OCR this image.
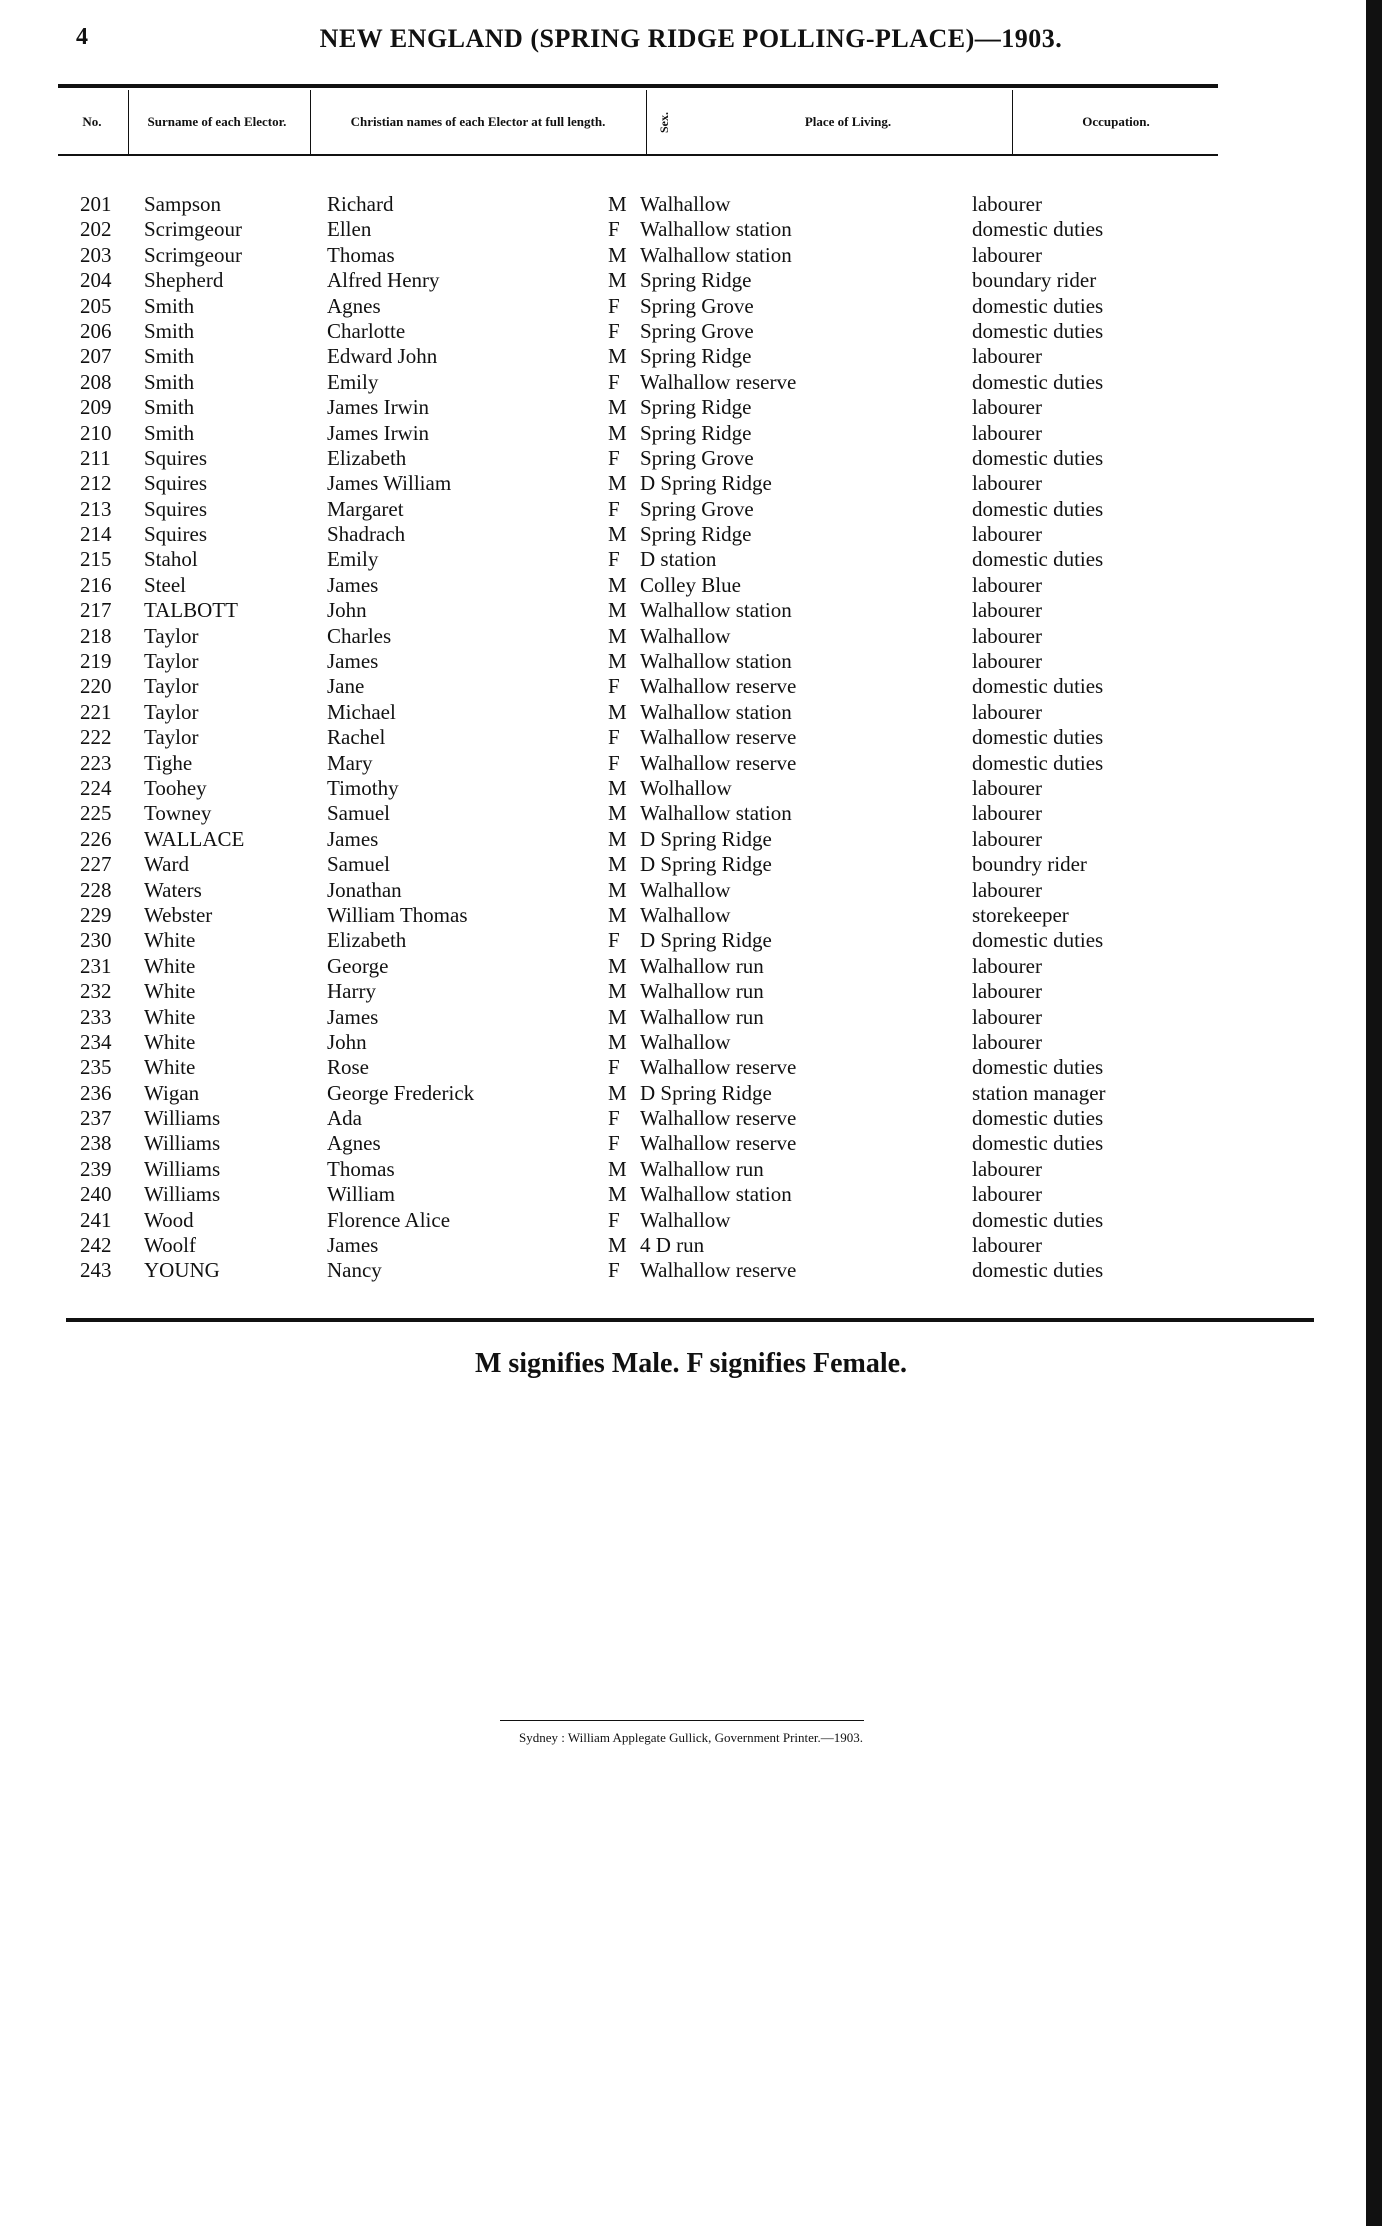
4	NEW ENGLAND (SPRING RIDGE POLLING-PLACE)—1903.
No.	Surname of each Elector.	Christian names of each Elector at full length.	Sex.	Place of Living.	Occupation.
201 Sampson	Richard	M Walhallow	labourer
202 Scrimgeour	Ellen	F Walhallow station	domestic duties
203 Scrimgeour	Thomas	M Walhallow station	labourer
204 Shepherd	Alfred Henry	M Spring Ridge	boundary rider
205 Smith	Agnes	F Spring Grove	domestic duties
206 Smith	Charlotte	F Spring Grove	domestic duties
207 Smith	Edward John	M Spring Ridge	labourer
208 Smith	Emily	F Walhallow reserve	domestic duties
209 Smith	James Irwin	M Spring Ridge	labourer
210 Smith	James Irwin	M Spring Ridge	labourer
211 Squires	Elizabeth	F Spring Grove	domestic duties
212 Squires	James William	M D Spring Ridge	labourer
213 Squires	Margaret	F Spring Grove	domestic duties
214 Squires	Shadrach	M Spring Ridge	labourer
215 Stahol	Emily	F D station	domestic duties
216 Steel	James	M Colley Blue	labourer
217 TALBOTT	John	M Walhallow station	labourer
218 Taylor	Charles	M Walhallow	labourer
219 Taylor	James	M Walhallow station	labourer
220 Taylor	Jane	F Walhallow reserve	domestic duties
221 Taylor	Michael	M Walhallow station	labourer
222 Taylor	Rachel	F Walhallow reserve	domestic duties
223 Tighe	Mary	F Walhallow reserve	domestic duties
224 Toohey	Timothy	M Wolhallow	labourer
225 Towney	Samuel	M Walhallow station	labourer
226 WALLACE	James	M D Spring Ridge	labourer
227 Ward	Samuel	M D Spring Ridge	boundry rider
228 Waters	Jonathan	M Walhallow	labourer
229 Webster	William Thomas	M Walhallow	storekeeper
230 White	Elizabeth	F D Spring Ridge	domestic duties
231 White	George	M Walhallow run	labourer
232 White	Harry	M Walhallow run	labourer
233 White	James	M Walhallow run	labourer
234 White	John	M Walhallow	labourer
235 White	Rose	F Walhallow reserve	domestic duties
236 Wigan	George Frederick	M D Spring Ridge	station manager
237 Williams	Ada	F Walhallow reserve	domestic duties
238 Williams	Agnes	F Walhallow reserve	domestic duties
239 Williams	Thomas	M Walhallow run	labourer
240 Williams	William	M Walhallow station	labourer
241 Wood	Florence Alice	F Walhallow	domestic duties
242 Woolf	James	M 4 D run	labourer
243 YOUNG	Nancy	F Walhallow reserve	domestic duties
M signifies Male. F signifies Female.
Sydney : William Applegate Gullick, Government Printer.—1903.
